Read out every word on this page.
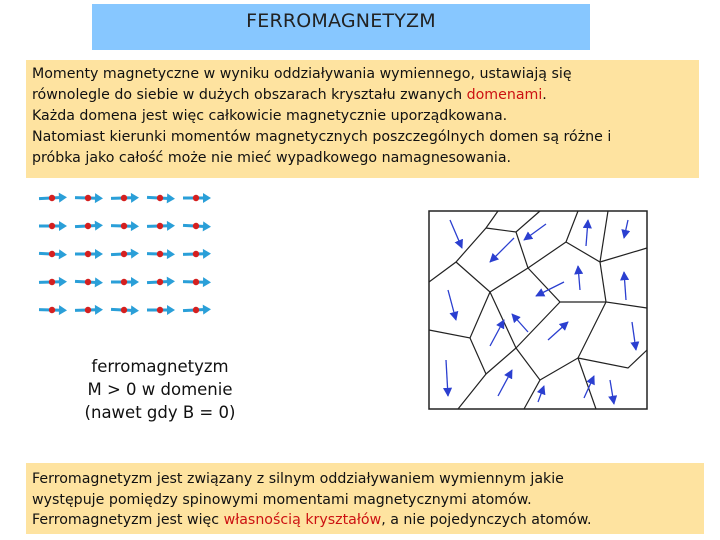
FERROMAGNETYZM
Momenty magnetyczne w wyniku oddziaływania wymiennego, ustawiają się
równolegle do siebie w dużych obszarach kryształu zwanych domenami.
Każda domena jest więc całkowicie magnetycznie uporządkowana.
Natomiast kierunki momentów magnetycznych poszczególnych domen są różne i
próbka jako całość może nie mieć wypadkowego namagnesowania.
ferromagnetyzm
M > 0 w domenie
(nawet gdy B = 0)
Ferromagnetyzm jest związany z silnym oddziaływaniem wymiennym jakie
występuje pomiędzy spinowymi momentami magnetycznymi atomów.
Ferromagnetyzm jest więc własnością kryształów, a nie pojedynczych atomów.
